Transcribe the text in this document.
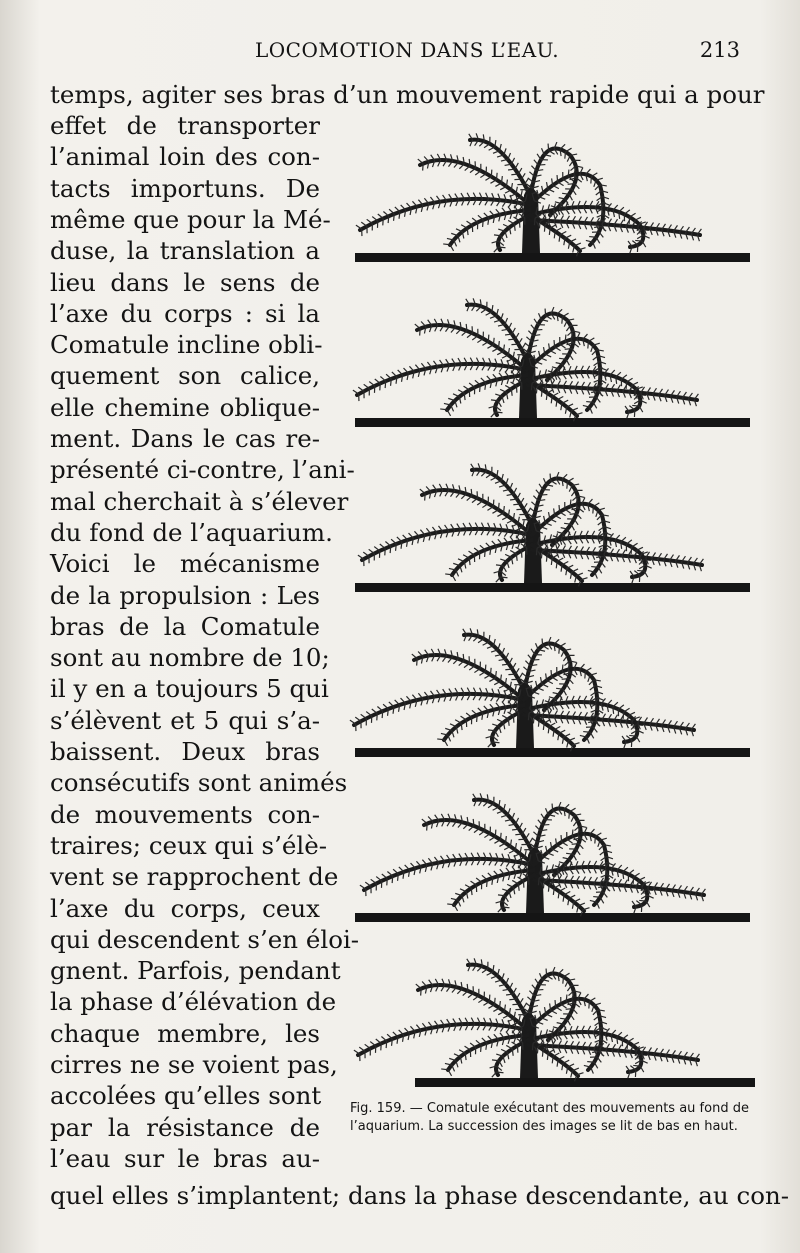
LOCOMOTION DANS L’EAU.	213
temps, agiter ses bras d’un mouvement rapide qui a pour
effet de transporter
l’animal loin des con-
tacts importuns. De
même que pour la Mé-
duse, la translation a
lieu dans le sens de
l’axe du corps : si la
Comatule incline obli-
quement son calice,
elle chemine oblique-
ment. Dans le cas re-
présenté ci-contre, l’ani-
mal cherchait à s’élever
du fond de l’aquarium.
Voici le mécanisme
de la propulsion : Les
bras de la Comatule
sont au nombre de 10;
il y en a toujours 5 qui
s’élèvent et 5 qui s’a-
baissent. Deux bras
consécutifs sont animés
de mouvements con-
traires; ceux qui s’élè-
vent se rapprochent de
l’axe du corps, ceux
qui descendent s’en éloi-
gnent. Parfois, pendant
la phase d’élévation de
chaque membre, les
cirres ne se voient pas,
accolées qu’elles sont
par la résistance de
l’eau sur le bras au-
quel elles s’implantent; dans la phase descendante, au con-
Fig. 159. — Comatule exécutant des mouvements au fond de l’aquarium. La succession des images se lit de bas en haut.
